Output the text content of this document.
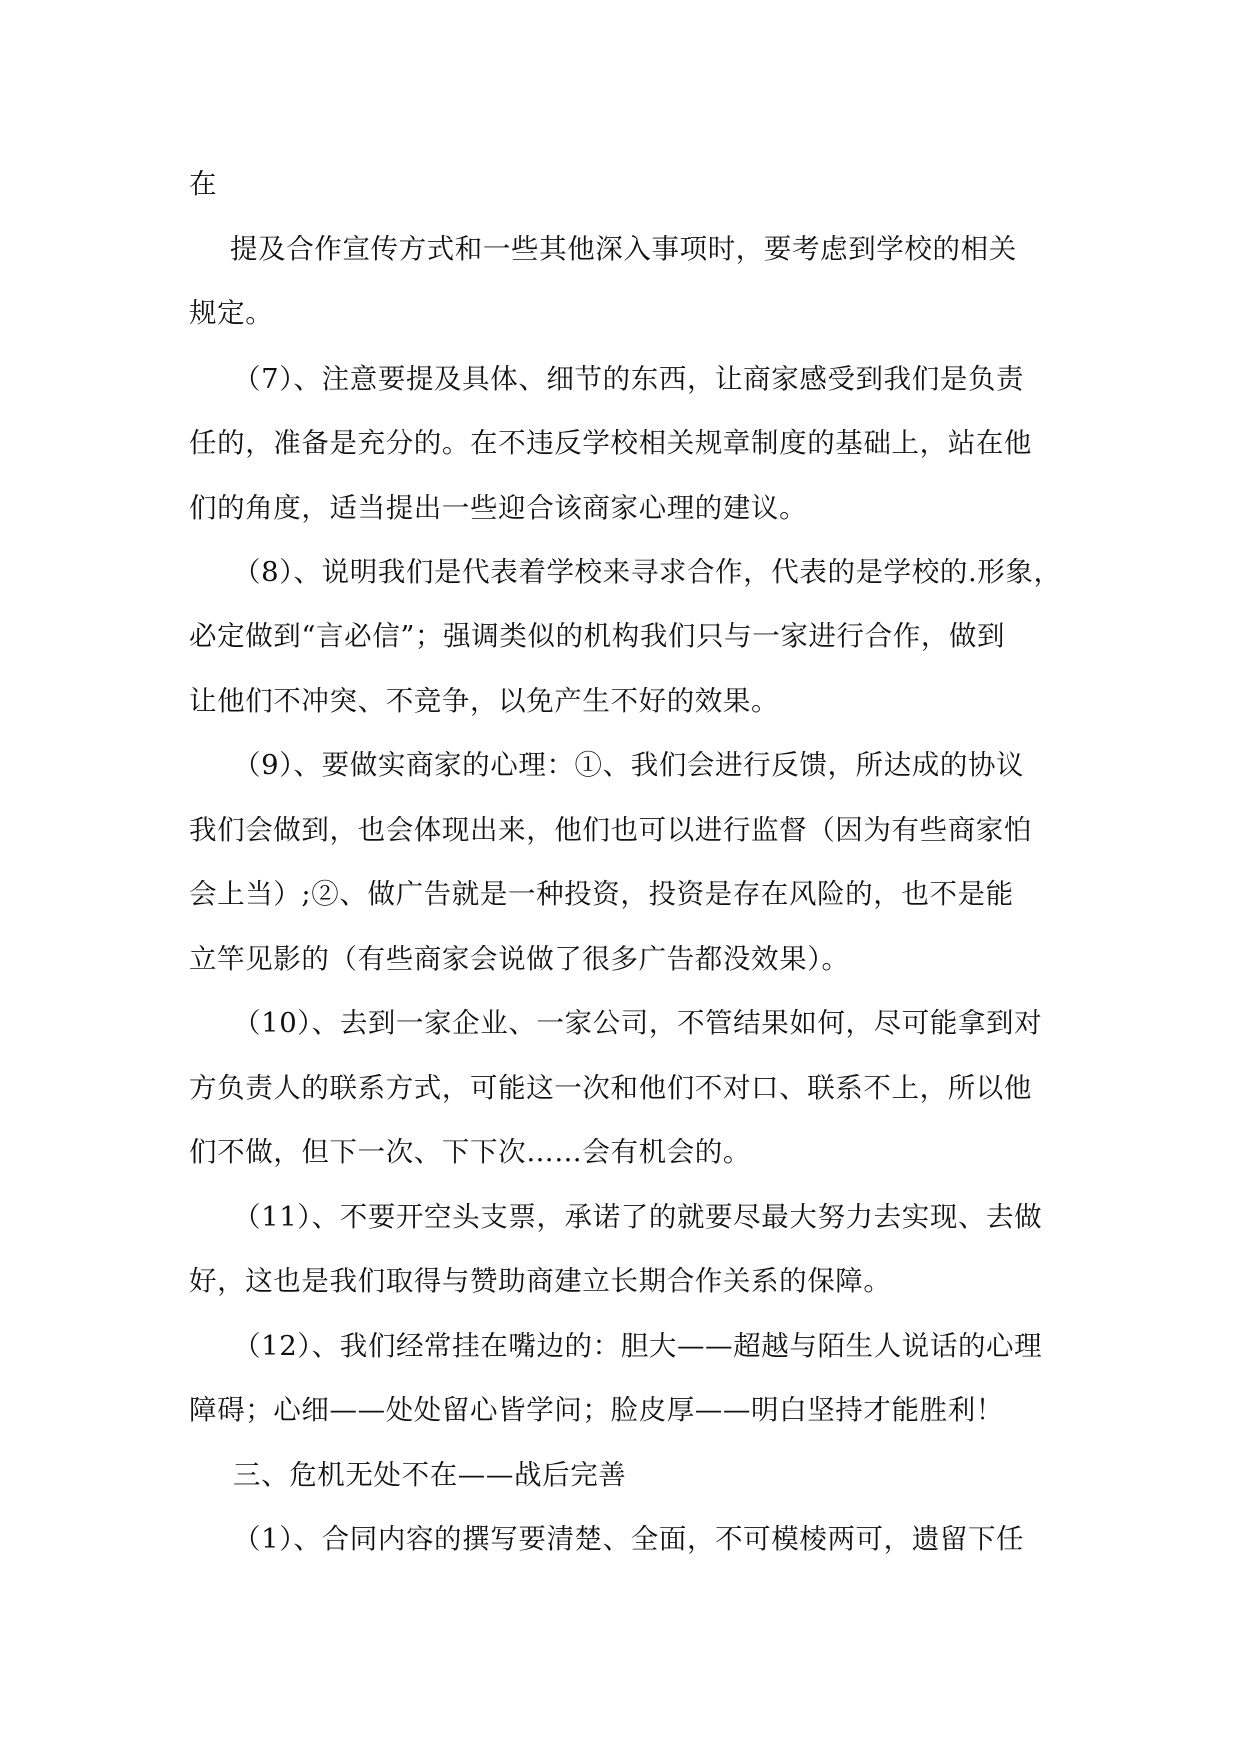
在
提及合作宣传方式和一些其他深入事项时，要考虑到学校的相关
规定。
（7）、注意要提及具体、细节的东西，让商家感受到我们是负责
任的，准备是充分的。在不违反学校相关规章制度的基础上，站在他
们的角度，适当提出一些迎合该商家心理的建议。
（8）、说明我们是代表着学校来寻求合作，代表的是学校的.形象，
必定做到“言必信”；强调类似的机构我们只与一家进行合作，做到
让他们不冲突、不竞争，以免产生不好的效果。
（9）、要做实商家的心理：①、我们会进行反馈，所达成的协议
我们会做到，也会体现出来，他们也可以进行监督（因为有些商家怕
会上当）;②、做广告就是一种投资，投资是存在风险的，也不是能
立竿见影的（有些商家会说做了很多广告都没效果）。
（10）、去到一家企业、一家公司，不管结果如何，尽可能拿到对
方负责人的联系方式，可能这一次和他们不对口、联系不上，所以他
们不做，但下一次、下下次……会有机会的。
（11）、不要开空头支票，承诺了的就要尽最大努力去实现、去做
好，这也是我们取得与赞助商建立长期合作关系的保障。
（12）、我们经常挂在嘴边的：胆大——超越与陌生人说话的心理
障碍；心细——处处留心皆学问；脸皮厚——明白坚持才能胜利！
三、危机无处不在——战后完善
（1）、合同内容的撰写要清楚、全面，不可模棱两可，遗留下任
